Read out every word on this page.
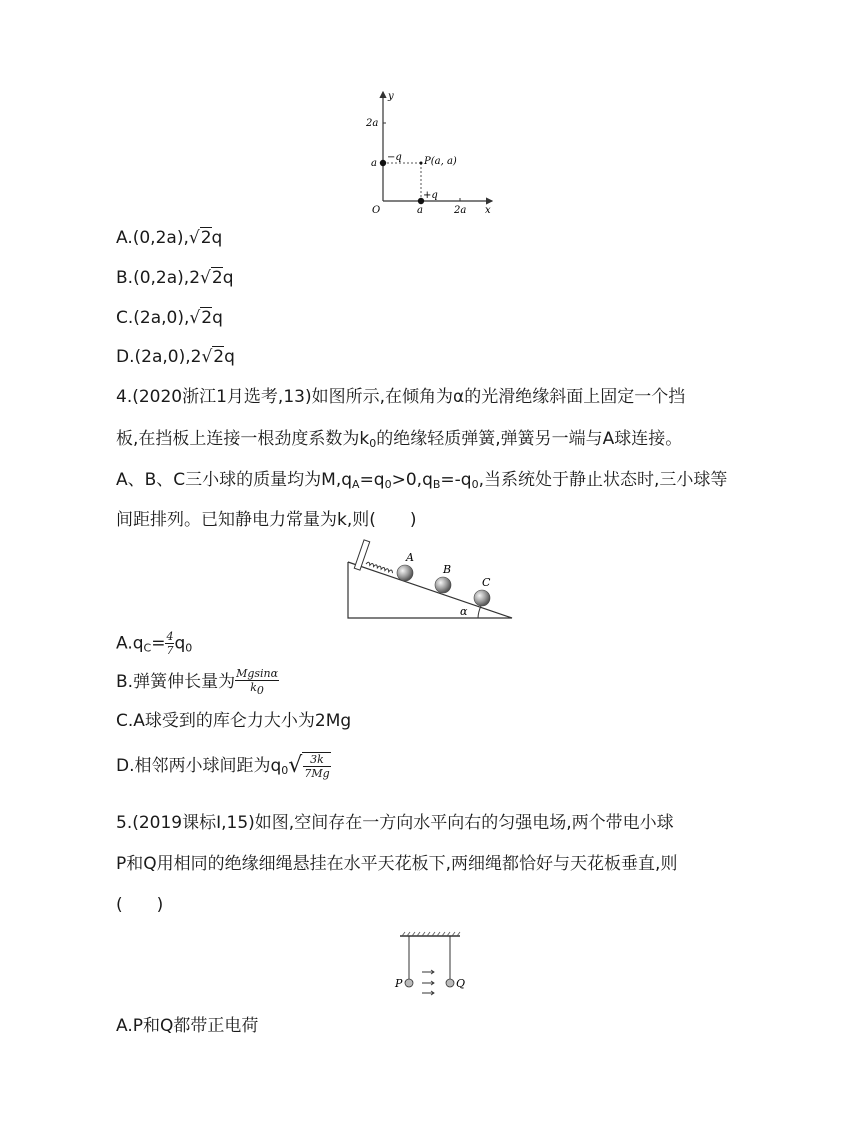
y
x
O
2a
a
a	2a
−q
+q
P(a, a)
A.(0,2a),√2q
B.(0,2a),2√2q
C.(2a,0),√2q
D.(2a,0),2√2q
4.(2020浙江1月选考,13)如图所示,在倾角为α的光滑绝缘斜面上固定一个挡
板,在挡板上连接一根劲度系数为$k_0$的绝缘轻质弹簧,弹簧另一端与A球连接。
A、B、C三小球的质量均为$M,q_A=q_0>0,q_B=-q_0$,当系统处于静止状态时,三小球等
间距排列。已知静电力常量为k,则(　　)
A
B
C
α
$A.q_C= \frac{4}{7} q_0$
B.弹簧伸长量为 $\frac{Mgsin\alpha}{k0}$
C.A球受到的库仑力大小为2Mg
D.相邻两小球间距为$q_0√ \frac{3k}{7Mg}$
5.(2019课标Ⅰ,15)如图,空间存在一方向水平向右的匀强电场,两个带电小球
P和Q用相同的绝缘细绳悬挂在水平天花板下,两细绳都恰好与天花板垂直,则
(　　)
P	Q
A.P和Q都带正电荷
